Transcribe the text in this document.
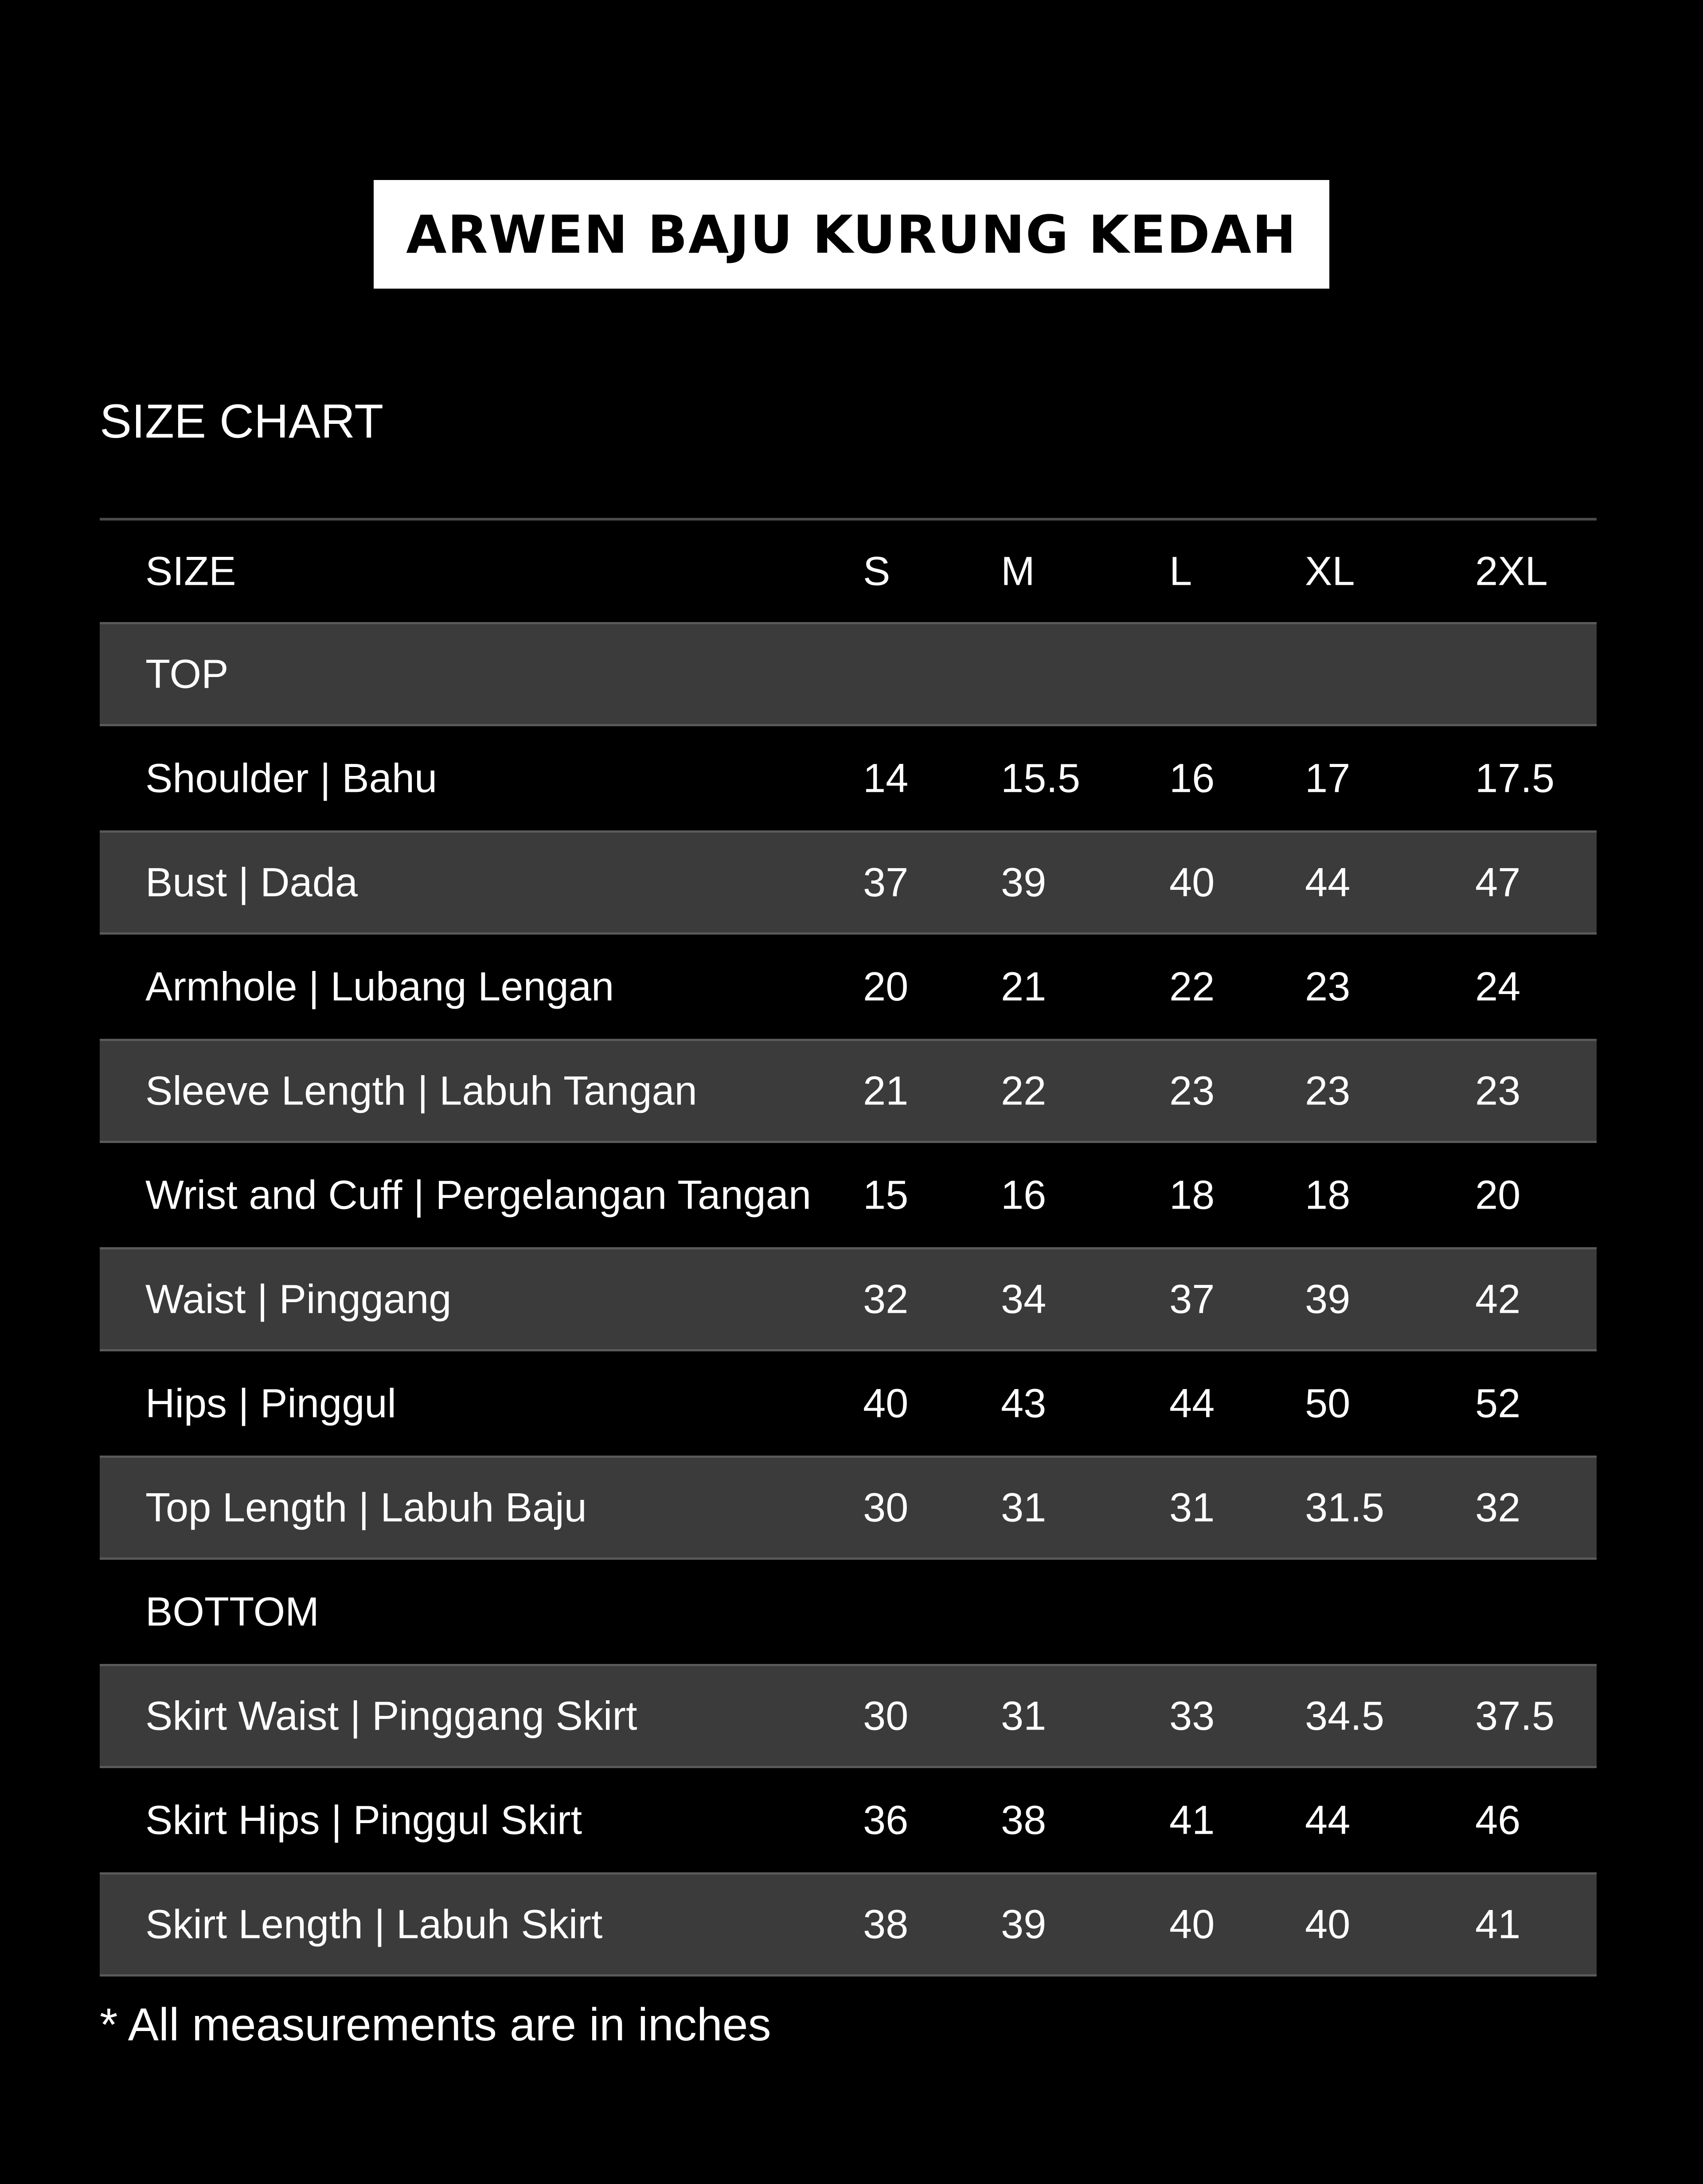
ARWEN BAJU KURUNG KEDAH
SIZE CHART
SIZE	S	M	L	XL	2XL
TOP
Shoulder | Bahu	14 15.5 16 17	17.5
Bust | Dada	37 39	40 44	47
Armhole | Lubang Lengan	20 21	22 23	24
Sleeve Length | Labuh Tangan	21 22	23 23	23
Wrist and Cuff | Pergelangan Tangan 15 16	18 18	20
Waist | Pinggang	32 34	37 39	42
Hips | Pinggul	40 43	44 50	52
Top Length | Labuh Baju	30 31	31 31.5 32
BOTTOM
Skirt Waist | Pinggang Skirt	30 31	33 34.5 37.5
Skirt Hips | Pinggul Skirt	36 38	41 44	46
Skirt Length | Labuh Skirt	38 39	40 40	41
* All measurements are in inches
